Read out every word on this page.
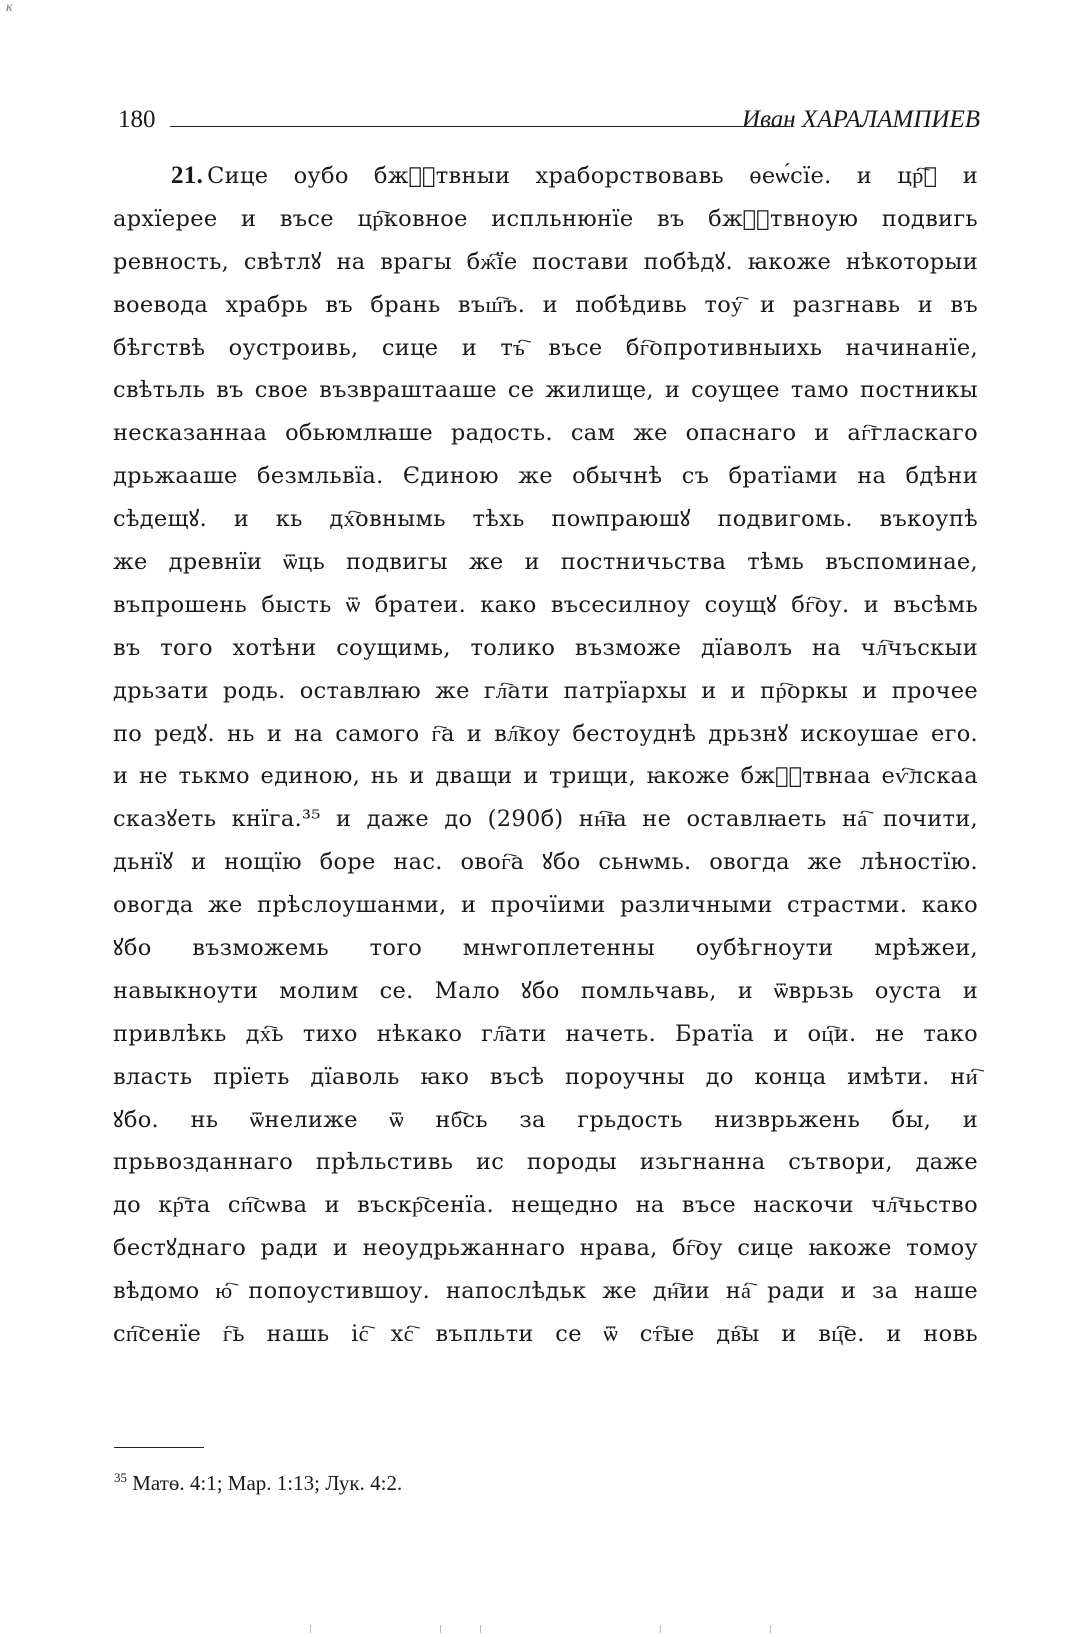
к
180	Иван ХАРАЛАМПИЕВ
21. Сице оубо бжⷭ҇твныи храборствовавь ѳеѡ́сїе. и цр҇ꙋ и
архїерее и въсе цр҇ковное испльнюнїе въ бжⷭ҇твноую подвигь
ревность, свѣтлꙋ на врагы бж҇їе постави побѣдꙋ. ꙗкоже нѣкоторыи
воевода храбрь въ брань въш҇ъ. и побѣдивь тоу҇ и разгнавь и въ
бѣгствѣ оустроивь, сице и тъ҇ въсе бг҇опротивныихь начинанїе,
свѣтьль въ свое възвраштааше се жилище, и соущее тамо постникы
несказаннаа обьюмлꙗше радость. сам же опаснаго и аг҇гласкаго
дрьжааше безмльвїа. Єдиною же обычнѣ съ братїами на бдѣни
сѣдещꙋ. и кь дх҇овнымь тѣхь поѡпраюшꙋ подвигомь. въкоупѣ
же древнїи ѿць подвигы же и постничьства тѣмь въспоминае,
въпрошень бысть ѿ братеи. како въсесилноу соущꙋ бг҇оу. и въсѣмь
въ того хотѣни соущимь, толико възможе дїаволъ на чл҇чъскыи
дрьзати родь. оставлꙗю же гл҇ати патрїархы и и пр҇оркы и прочее
по редꙋ. нь и на самого г҇а и вл҇коу бестоуднѣ дрьзнꙋ искоушае его.
и не тькмо единою, нь и дващи и трищи, ꙗкоже бжⷭ҇твнаа еѵ҇лскаа
сказꙋеть кнїга.³⁵ и даже до (290б) нн҇ꙗ не оставлꙗеть на҇ почити,
дьнїꙋ и нощїю боре нас. овог҇а ꙋбо сьнѡмь. овогда же лѣностїю.
овогда же прѣслоушанми, и прочїими различными страстми. како
ꙋбо възможемь того мнѡгоплетенны оубѣгноути мрѣжеи,
навыкноути молим се. Мало ꙋбо помльчавь, и ѿврьзь оуста и
привлѣкь дх҇ь тихо нѣкако гл҇ати начеть. Братїа и оц҇и. не тако
власть прїеть дїаволь ꙗко въсѣ пороучны до конца имѣти. ни҇
ꙋбо. нь ѿнелиже ѿ нб҇сь за грьдость низврьжень бы, и
прьвозданнаго прѣльстивь ис породы изьгнанна сътвори, даже
до кр҇та сп҇сѡва и въскр҇сенїа. нещедно на въсе наскочи чл҇чьство
бестꙋднаго ради и неоудрьжаннаго нрава, бг҇оу сице ꙗкоже томоу
вѣдомо ю҇ попоустившоу. напослѣдьк же дн҇ии на҇ ради и за наше
сп҇сенїе г҇ь нашь іс҇ хс҇ въпльти се ѿ ст҇ые дв҇ы и вц҇е. и новь
$^{35}$ Матѳ. 4:1; Мар. 1:13; Лук. 4:2.
